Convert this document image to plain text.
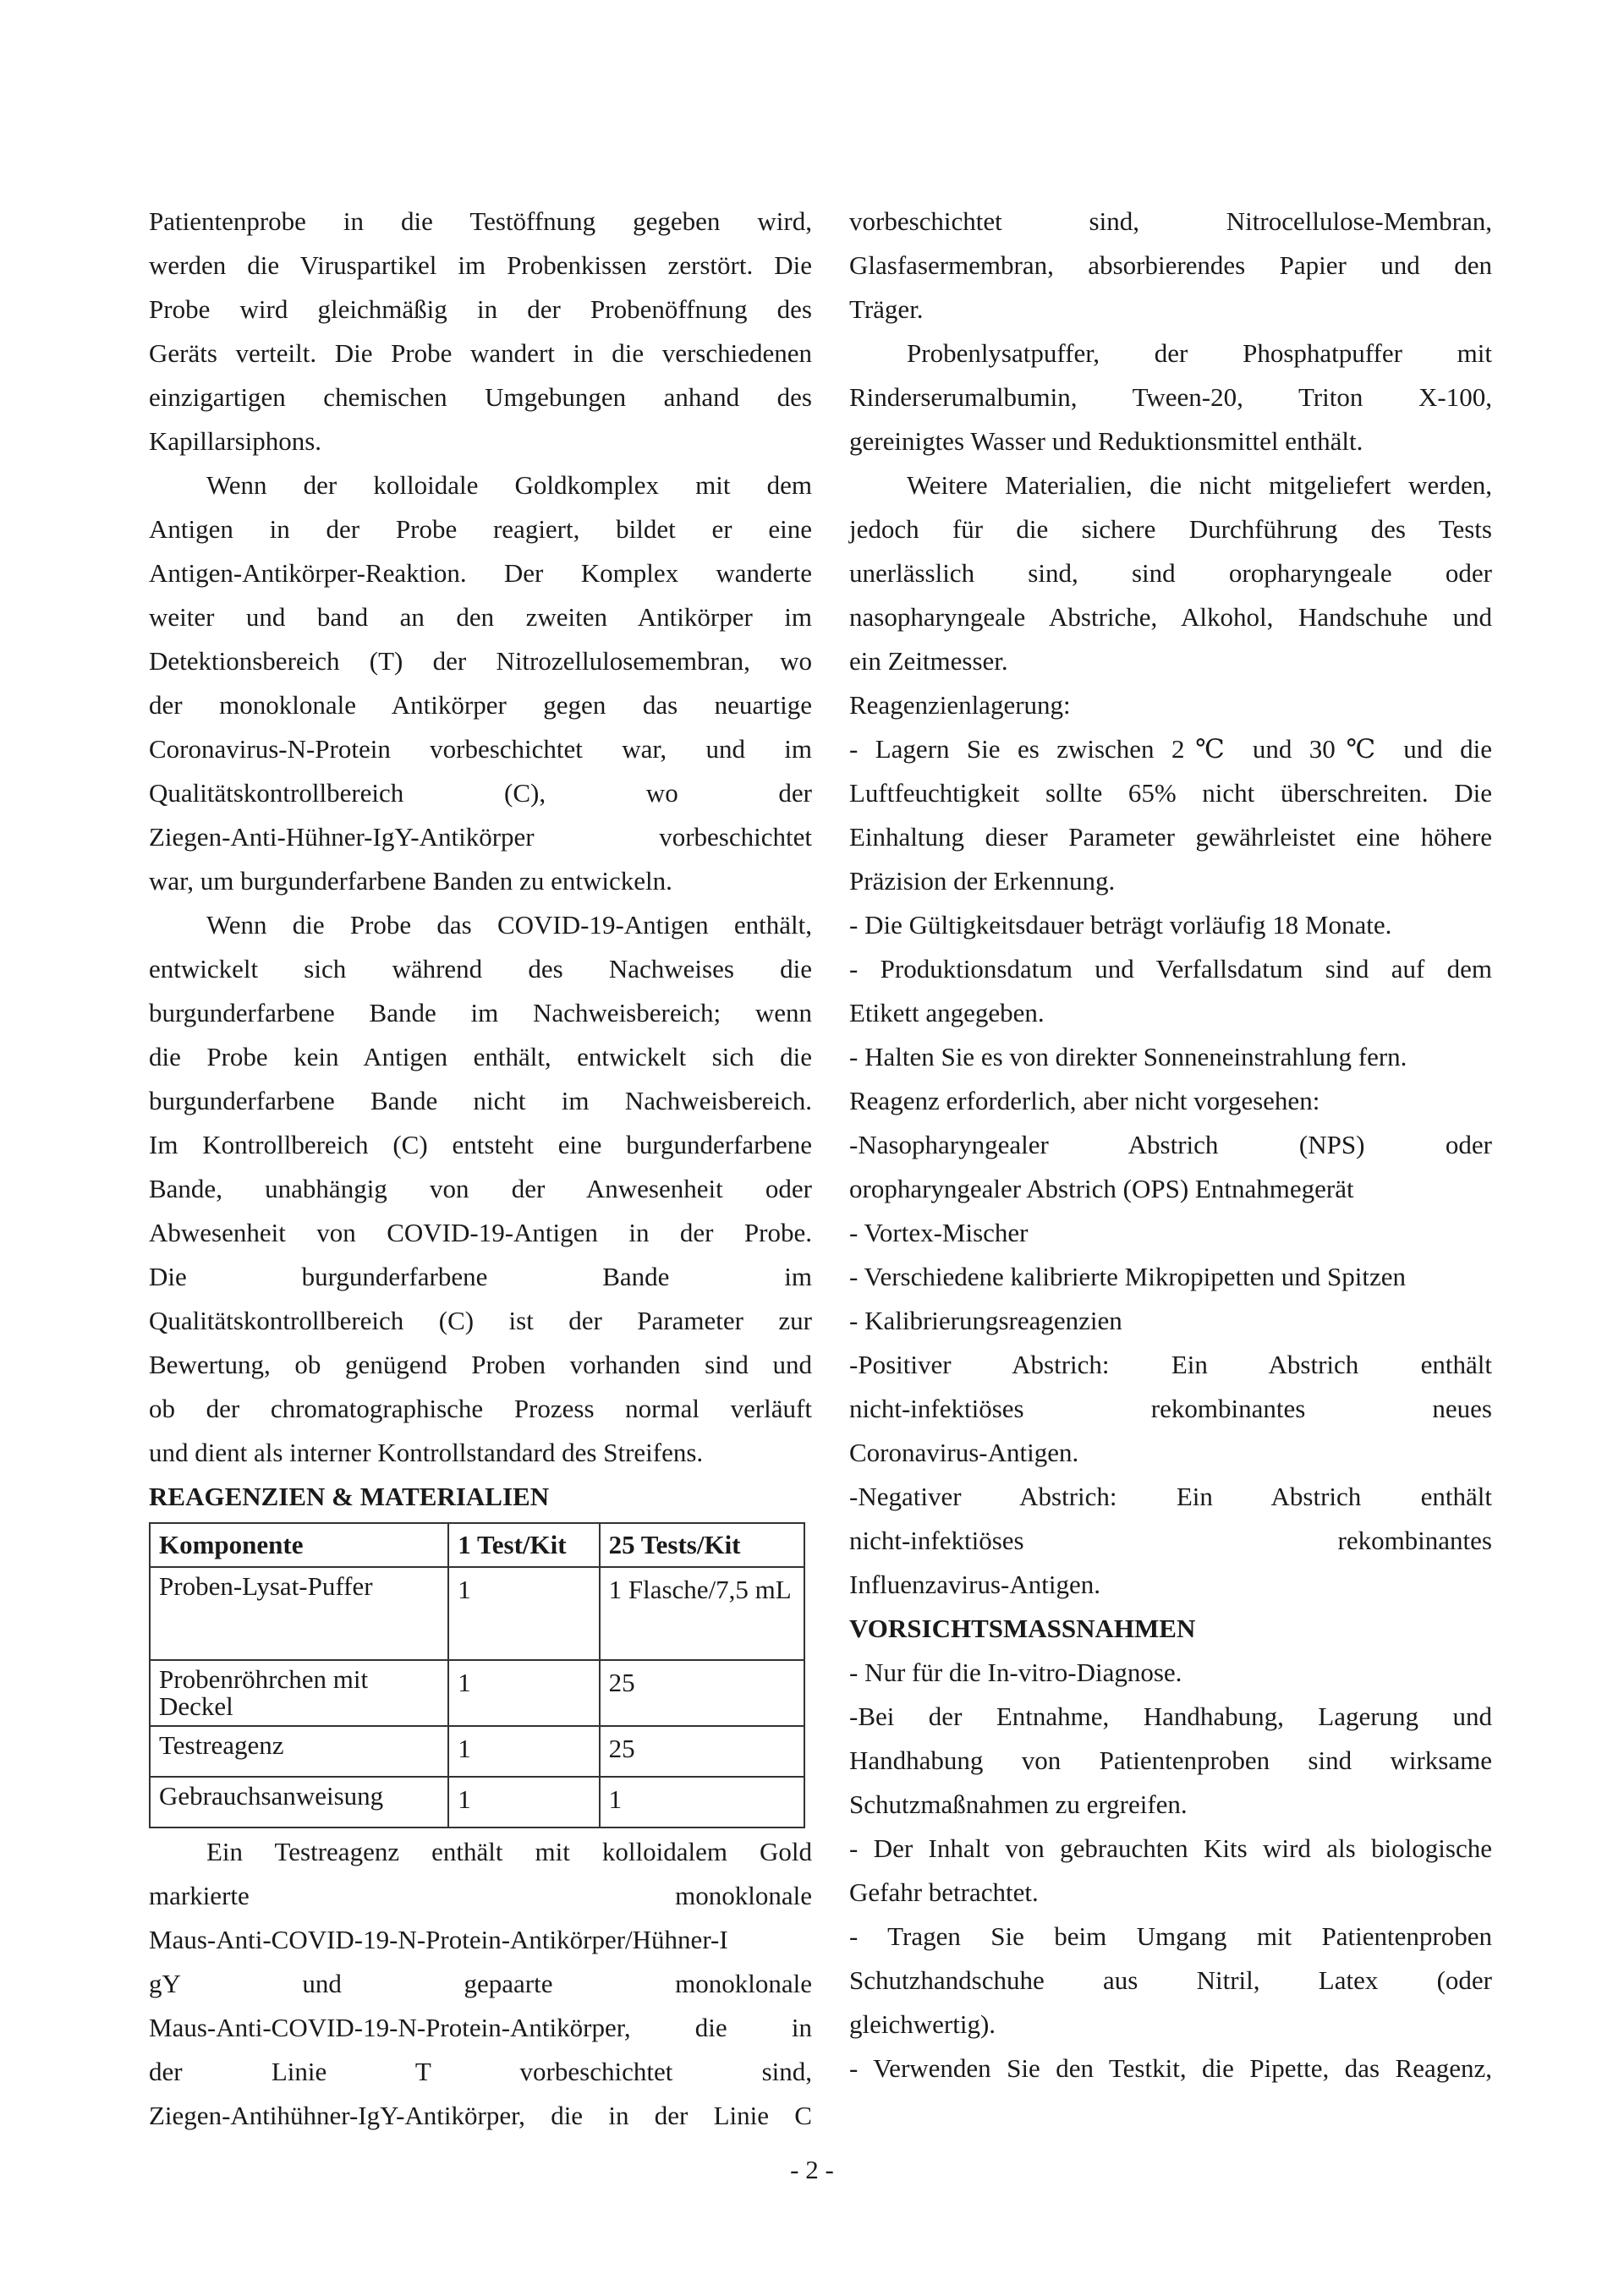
Patientenprobe in die Testöffnung gegeben wird,
werden die Viruspartikel im Probenkissen zerstört. Die
Probe wird gleichmäßig in der Probenöffnung des
Geräts verteilt. Die Probe wandert in die verschiedenen
einzigartigen chemischen Umgebungen anhand des
Kapillarsiphons.
Wenn der kolloidale Goldkomplex mit dem
Antigen in der Probe reagiert, bildet er eine
Antigen-Antikörper-Reaktion. Der Komplex wanderte
weiter und band an den zweiten Antikörper im
Detektionsbereich (T) der Nitrozellulosemembran, wo
der monoklonale Antikörper gegen das neuartige
Coronavirus-N-Protein vorbeschichtet war, und im
Qualitätskontrollbereich (C), wo der
Ziegen-Anti-Hühner-IgY-Antikörper vorbeschichtet
war, um burgunderfarbene Banden zu entwickeln.
Wenn die Probe das COVID-19-Antigen enthält,
entwickelt sich während des Nachweises die
burgunderfarbene Bande im Nachweisbereich; wenn
die Probe kein Antigen enthält, entwickelt sich die
burgunderfarbene Bande nicht im Nachweisbereich.
Im Kontrollbereich (C) entsteht eine burgunderfarbene
Bande, unabhängig von der Anwesenheit oder
Abwesenheit von COVID-19-Antigen in der Probe.
Die burgunderfarbene Bande im
Qualitätskontrollbereich (C) ist der Parameter zur
Bewertung, ob genügend Proben vorhanden sind und
ob der chromatographische Prozess normal verläuft
und dient als interner Kontrollstandard des Streifens.
REAGENZIEN & MATERIALIEN
Komponente	1 Test/Kit	25 Tests/Kit
Proben-Lysat-Puffer	1	1 Flasche/7,5 mL
Probenröhrchen mit Deckel	1	25
Testreagenz	1	25
Gebrauchsanweisung	1	1
Ein Testreagenz enthält mit kolloidalem Gold
markierte monoklonale
Maus-Anti-COVID-19-N-Protein-Antikörper/Hühner-I
gY und gepaarte monoklonale
Maus-Anti-COVID-19-N-Protein-Antikörper, die in
der Linie T vorbeschichtet sind,
Ziegen-Antihühner-IgY-Antikörper, die in der Linie C
vorbeschichtet sind, Nitrocellulose-Membran,
Glasfasermembran, absorbierendes Papier und den
Träger.
Probenlysatpuffer, der Phosphatpuffer mit
Rinderserumalbumin, Tween-20, Triton X-100,
gereinigtes Wasser und Reduktionsmittel enthält.
Weitere Materialien, die nicht mitgeliefert werden,
jedoch für die sichere Durchführung des Tests
unerlässlich sind, sind oropharyngeale oder
nasopharyngeale Abstriche, Alkohol, Handschuhe und
ein Zeitmesser.
Reagenzienlagerung:
- Lagern Sie es zwischen 2℃ und 30℃ und die
Luftfeuchtigkeit sollte 65% nicht überschreiten. Die
Einhaltung dieser Parameter gewährleistet eine höhere
Präzision der Erkennung.
- Die Gültigkeitsdauer beträgt vorläufig 18 Monate.
- Produktionsdatum und Verfallsdatum sind auf dem
Etikett angegeben.
- Halten Sie es von direkter Sonneneinstrahlung fern.
Reagenz erforderlich, aber nicht vorgesehen:
-Nasopharyngealer Abstrich (NPS) oder
oropharyngealer Abstrich (OPS) Entnahmegerät
- Vortex-Mischer
- Verschiedene kalibrierte Mikropipetten und Spitzen
- Kalibrierungsreagenzien
-Positiver Abstrich: Ein Abstrich enthält
nicht-infektiöses rekombinantes neues
Coronavirus-Antigen.
-Negativer Abstrich: Ein Abstrich enthält
nicht-infektiöses rekombinantes
Influenzavirus-Antigen.
VORSICHTSMASSNAHMEN
- Nur für die In-vitro-Diagnose.
-Bei der Entnahme, Handhabung, Lagerung und
Handhabung von Patientenproben sind wirksame
Schutzmaßnahmen zu ergreifen.
- Der Inhalt von gebrauchten Kits wird als biologische
Gefahr betrachtet.
- Tragen Sie beim Umgang mit Patientenproben
Schutzhandschuhe aus Nitril, Latex (oder
gleichwertig).
- Verwenden Sie den Testkit, die Pipette, das Reagenz,
- 2 -
